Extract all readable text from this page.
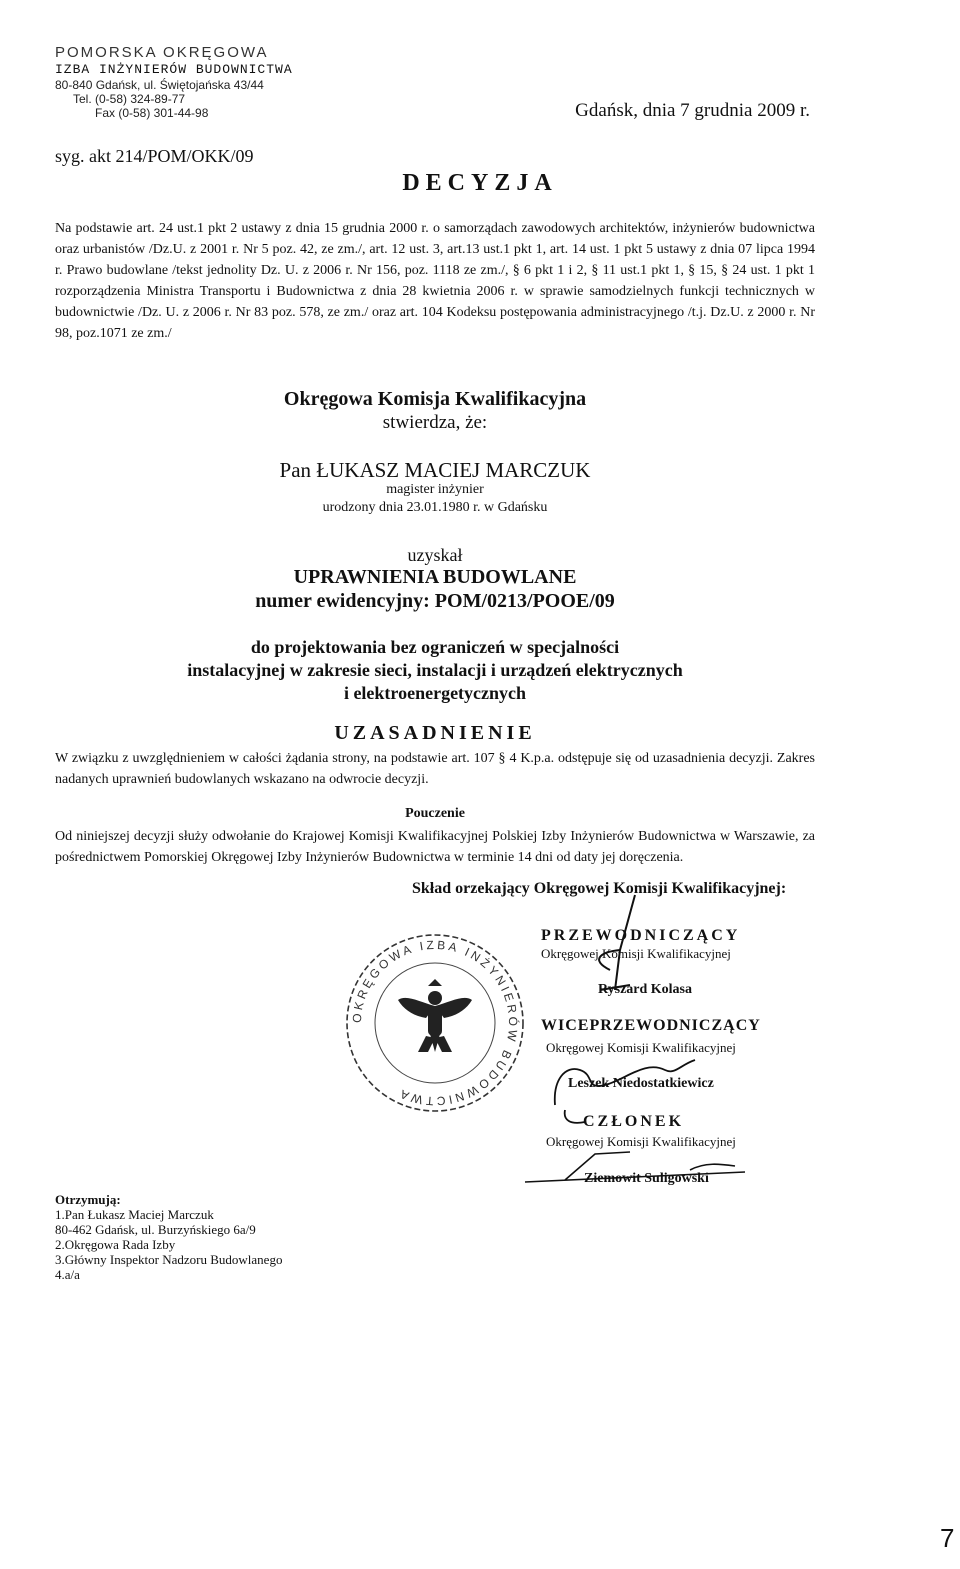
POMORSKA OKRĘGOWA
IZBA INŻYNIERÓW BUDOWNICTWA
80-840 Gdańsk, ul. Świętojańska 43/44
Tel. (0-58) 324-89-77
Fax (0-58) 301-44-98	Gdańsk, dnia 7 grudnia 2009 r.
syg. akt 214/POM/OKK/09
DECYZJA
Na podstawie art. 24 ust.1 pkt 2 ustawy z dnia 15 grudnia 2000 r. o samorządach zawodowych architektów, inżynierów budownictwa oraz urbanistów /Dz.U. z 2001 r. Nr 5 poz. 42, ze zm./, art. 12 ust. 3, art.13 ust.1 pkt 1, art. 14 ust. 1 pkt 5 ustawy z dnia 07 lipca 1994 r. Prawo budowlane /tekst jednolity Dz. U. z 2006 r. Nr 156, poz. 1118 ze zm./, § 6 pkt 1 i 2, § 11 ust.1 pkt 1, § 15, § 24 ust. 1 pkt 1 rozporządzenia Ministra Transportu i Budownictwa z dnia 28 kwietnia 2006 r. w sprawie samodzielnych funkcji technicznych w budownictwie /Dz. U. z 2006 r. Nr 83 poz. 578, ze zm./ oraz art. 104 Kodeksu postępowania administracyjnego /t.j. Dz.U. z 2000 r. Nr 98, poz.1071 ze zm./
Okręgowa Komisja Kwalifikacyjna
stwierdza, że:
Pan ŁUKASZ MACIEJ MARCZUK
magister inżynier
urodzony dnia 23.01.1980 r. w Gdańsku
uzyskał
UPRAWNIENIA BUDOWLANE
numer ewidencyjny: POM/0213/POOE/09
do projektowania bez ograniczeń w specjalności
instalacyjnej w zakresie sieci, instalacji i urządzeń elektrycznych
i elektroenergetycznych
UZASADNIENIE
W związku z uwzględnieniem w całości żądania strony, na podstawie art. 107 § 4 K.p.a. odstępuje się od uzasadnienia decyzji. Zakres nadanych uprawnień budowlanych wskazano na odwrocie decyzji.
Pouczenie
Od niniejszej decyzji służy odwołanie do Krajowej Komisji Kwalifikacyjnej Polskiej Izby Inżynierów Budownictwa w Warszawie, za pośrednictwem Pomorskiej Okręgowej Izby Inżynierów Budownictwa w terminie 14 dni od daty jej doręczenia.
Skład orzekający Okręgowej Komisji Kwalifikacyjnej:
OKRĘGOWA IZBA INŻYNIERÓW BUDOWNICTWA
PRZEWODNICZĄCY
Okręgowej Komisji Kwalifikacyjnej
Ryszard Kolasa
WICEPRZEWODNICZĄCY
Okręgowej Komisji Kwalifikacyjnej
Leszek Niedostatkiewicz
CZŁONEK
Okręgowej Komisji Kwalifikacyjnej
Ziemowit Suligowski
Otrzymują:
1.Pan Łukasz Maciej Marczuk
80-462 Gdańsk, ul. Burzyńskiego 6a/9
2.Okręgowa Rada Izby
3.Główny Inspektor Nadzoru Budowlanego
4.a/a
7
